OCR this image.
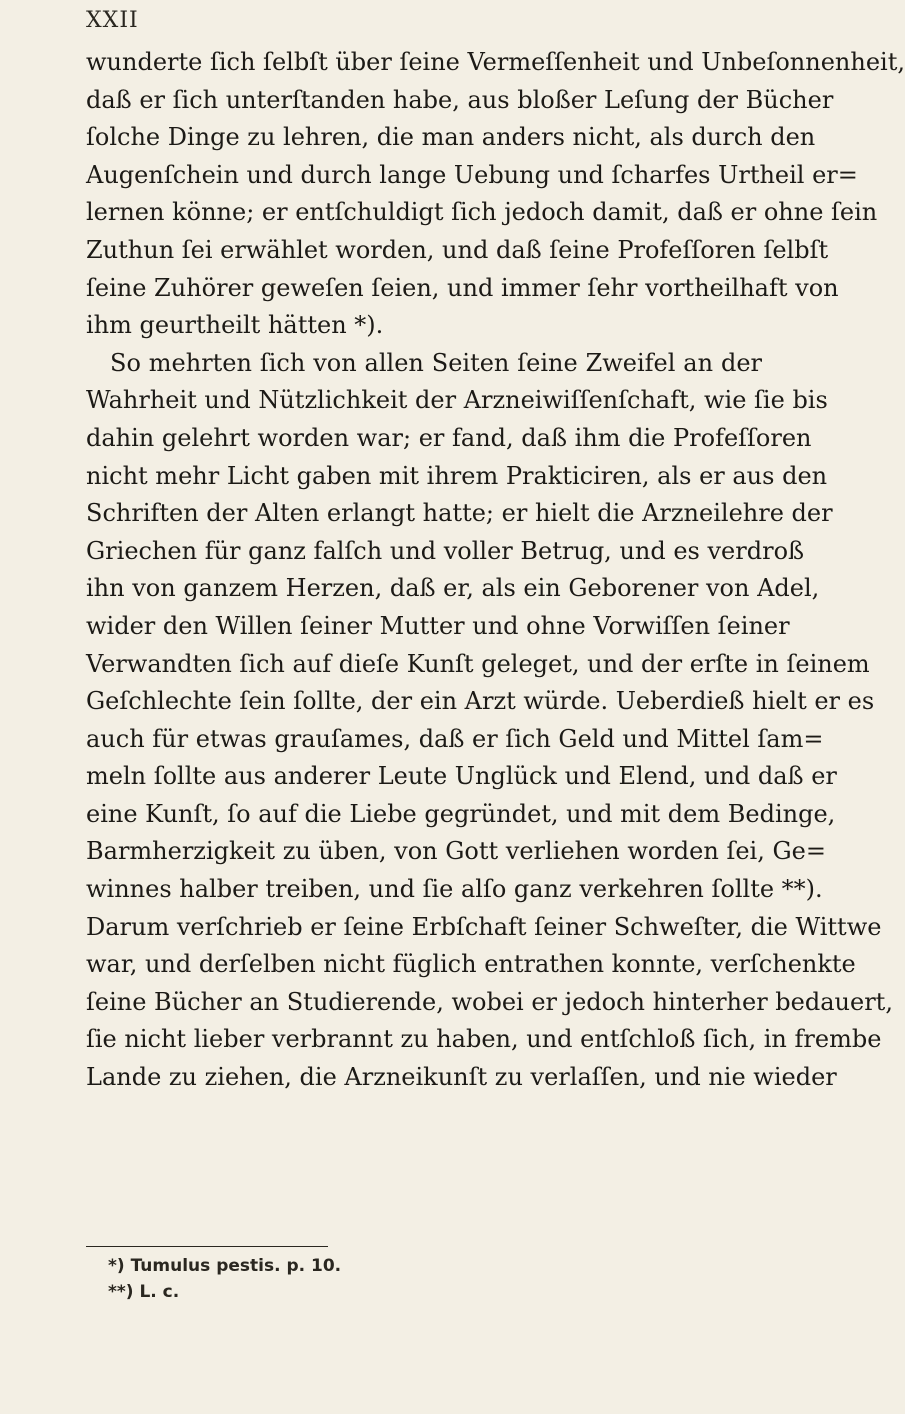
XXII
wunderte ſich ſelbſt über ſeine Vermeſſenheit und Unbeſonnenheit,
daß er ſich unterſtanden habe, aus bloßer Leſung der Bücher
ſolche Dinge zu lehren, die man anders nicht, als durch den
Augenſchein und durch lange Uebung und ſcharfes Urtheil er=
lernen könne; er entſchuldigt ſich jedoch damit, daß er ohne ſein
Zuthun ſei erwählet worden, und daß ſeine Profeſſoren ſelbſt
ſeine Zuhörer geweſen ſeien, und immer ſehr vortheilhaft von
ihm geurtheilt hätten *).
So mehrten ſich von allen Seiten ſeine Zweifel an der
Wahrheit und Nützlichkeit der Arzneiwiſſenſchaft, wie ſie bis
dahin gelehrt worden war; er fand, daß ihm die Profeſſoren
nicht mehr Licht gaben mit ihrem Prakticiren, als er aus den
Schriften der Alten erlangt hatte; er hielt die Arzneilehre der
Griechen für ganz falſch und voller Betrug, und es verdroß
ihn von ganzem Herzen, daß er, als ein Geborener von Adel,
wider den Willen ſeiner Mutter und ohne Vorwiſſen ſeiner
Verwandten ſich auf dieſe Kunſt geleget, und der erſte in ſeinem
Geſchlechte ſein ſollte, der ein Arzt würde. Ueberdieß hielt er es
auch für etwas grauſames, daß er ſich Geld und Mittel ſam=
meln ſollte aus anderer Leute Unglück und Elend, und daß er
eine Kunſt, ſo auf die Liebe gegründet, und mit dem Bedinge,
Barmherzigkeit zu üben, von Gott verliehen worden ſei, Ge=
winnes halber treiben, und ſie alſo ganz verkehren ſollte **).
Darum verſchrieb er ſeine Erbſchaft ſeiner Schweſter, die Wittwe
war, und derſelben nicht füglich entrathen konnte, verſchenkte
ſeine Bücher an Studierende, wobei er jedoch hinterher bedauert,
ſie nicht lieber verbrannt zu haben, und entſchloß ſich, in frembe
Lande zu ziehen, die Arzneikunſt zu verlaſſen, und nie wieder
*) Tumulus pestis. p. 10.
**) L. c.
